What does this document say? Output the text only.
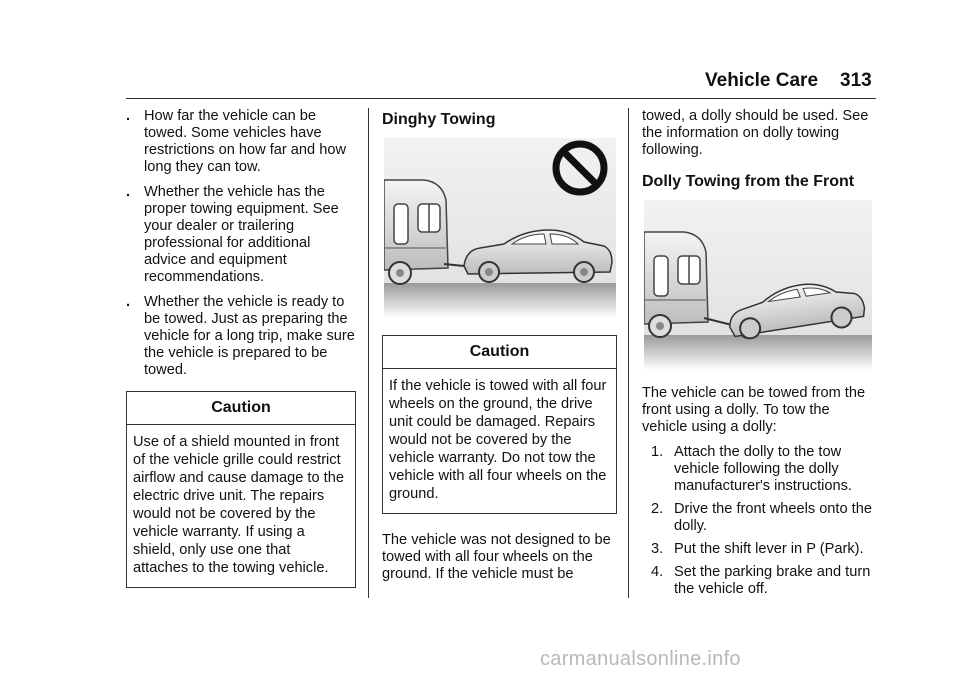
Vehicle Care 313
. How far the vehicle can be towed. Some vehicles have restrictions on how far and how long they can tow.
. Whether the vehicle has the proper towing equipment. See your dealer or trailering professional for additional advice and equipment recommendations.
. Whether the vehicle is ready to be towed. Just as preparing the vehicle for a long trip, make sure the vehicle is prepared to be towed.
Caution
Use of a shield mounted in front of the vehicle grille could restrict airflow and cause damage to the electric drive unit. The repairs would not be covered by the vehicle warranty. If using a shield, only use one that attaches to the towing vehicle.
Dinghy Towing
Caution
If the vehicle is towed with all four wheels on the ground, the drive unit could be damaged. Repairs would not be covered by the vehicle warranty. Do not tow the vehicle with all four wheels on the ground.

The vehicle was not designed to be towed with all four wheels on the ground. If the vehicle must be

towed, a dolly should be used. See the information on dolly towing following.

Dolly Towing from the Front

The vehicle can be towed from the front using a dolly. To tow the vehicle using a dolly:

1. Attach the dolly to the tow vehicle following the dolly manufacturer's instructions.
2. Drive the front wheels onto the dolly.
3. Put the shift lever in P (Park).
4. Set the parking brake and turn the vehicle off.
carmanualsonline.info
